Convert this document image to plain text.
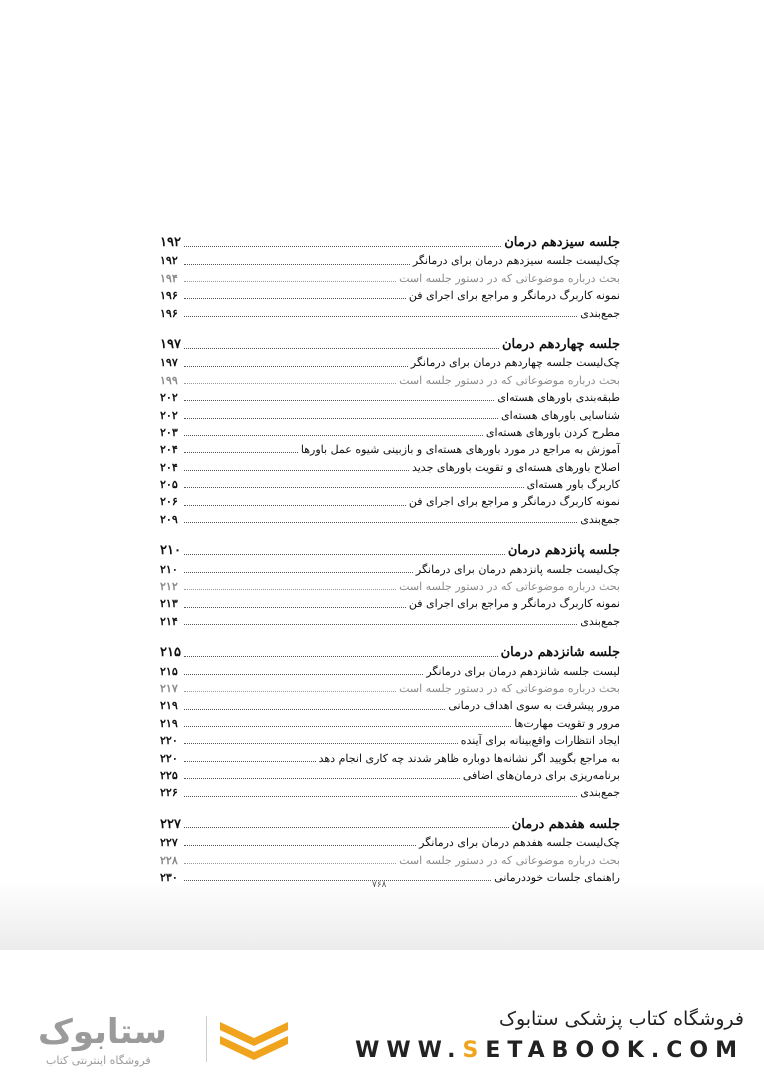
جلسه سیزدهم درمان
۱۹۲
چک‌لیست جلسه سیزدهم درمان برای درمانگر
۱۹۲
بحث درباره موضوعاتی که در دستور جلسه است
۱۹۴
نمونه کاربرگ درمانگر و مراجع برای اجرای فن
۱۹۶
جمع‌بندی
۱۹۶
جلسه چهاردهم درمان
۱۹۷
چک‌لیست جلسه چهاردهم درمان برای درمانگر
۱۹۷
بحث درباره موضوعاتی که در دستور جلسه است
۱۹۹
طبقه‌بندی باورهای هسته‌ای
۲۰۲
شناسایی باورهای هسته‌ای
۲۰۲
مطرح کردن باورهای هسته‌ای
۲۰۳
آموزش به مراجع در مورد باورهای هسته‌ای و بازبینی شیوه عمل باورها
۲۰۴
اصلاح باورهای هسته‌ای و تقویت باورهای جدید
۲۰۴
کاربرگ باور هسته‌ای
۲۰۵
نمونه کاربرگ درمانگر و مراجع برای اجرای فن
۲۰۶
جمع‌بندی
۲۰۹
جلسه پانزدهم درمان
۲۱۰
چک‌لیست جلسه پانزدهم درمان برای درمانگر
۲۱۰
بحث درباره موضوعاتی که در دستور جلسه است
۲۱۲
نمونه کاربرگ درمانگر و مراجع برای اجرای فن
۲۱۳
جمع‌بندی
۲۱۴
جلسه شانزدهم درمان
۲۱۵
لیست جلسه شانزدهم درمان برای درمانگر
۲۱۵
بحث درباره موضوعاتی که در دستور جلسه است
۲۱۷
مرور پیشرفت به سوی اهداف درمانی
۲۱۹
مرور و تقویت مهارت‌ها
۲۱۹
ایجاد انتظارات واقع‌بینانه برای آینده
۲۲۰
به مراجع بگویید اگر نشانه‌ها دوباره ظاهر شدند چه کاری انجام دهد
۲۲۰
برنامه‌ریزی برای درمان‌های اضافی
۲۲۵
جمع‌بندی
۲۲۶
جلسه هفدهم درمان
۲۲۷
چک‌لیست جلسه هفدهم درمان برای درمانگر
۲۲۷
بحث درباره موضوعاتی که در دستور جلسه است
۲۲۸
راهنمای جلسات خوددرمانی
۲۳۰
۷۶۸
ستابوک
فروشگاه اینترنتی کتاب
فروشگاه کتاب پزشکی ستابوک
WWW.SETABOOK.COM
